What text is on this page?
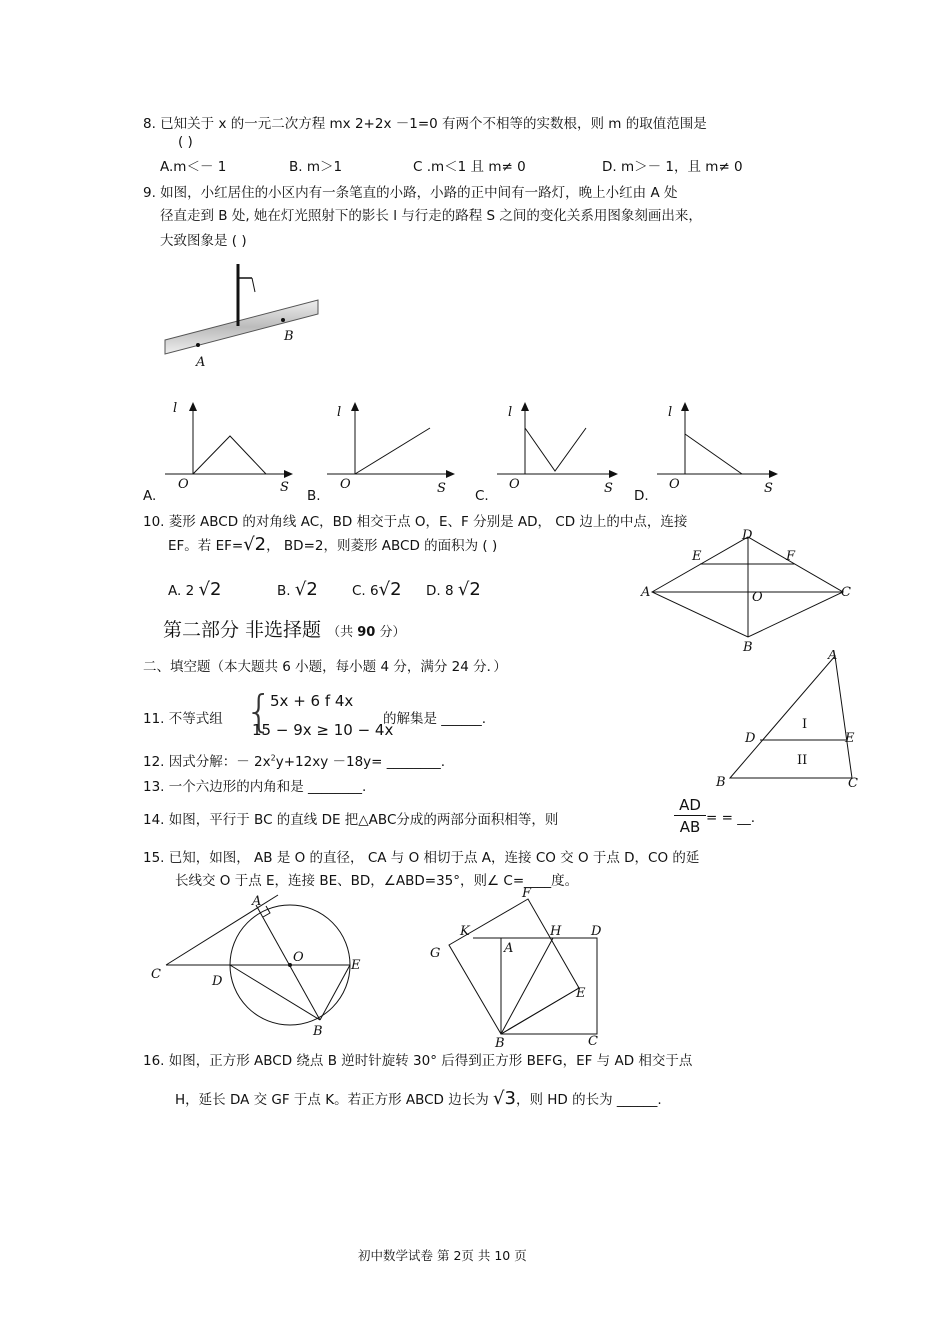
8. 已知关于 x 的一元二次方程 mx 2+2x －1=0 有两个不相等的实数根，则 m 的取值范围是
( )
A.m＜－ 1	B. m＞1	C .m＜1 且 m≠ 0	D. m＞－ 1，且 m≠ 0
9. 如图，小红居住的小区内有一条笔直的小路，小路的正中间有一路灯，晚上小红由 A 处
径直走到 B 处, 她在灯光照射下的影长 l 与行走的路程 S 之间的变化关系用图象刻画出来，
大致图象是 ( )
A
B
l
S
O
A.
l
S
O
B.
l
S
O
C.
l
S
O
D.
10. 菱形 ABCD 的对角线 AC，BD 相交于点 O，E、F 分别是 AD， CD 边上的中点，连接
EF。若 EF=√2， BD=2，则菱形 ABCD 的面积为 ( )
A. 2 √2	B. √2	C. 6√2 D. 8 √2
D
E	F
A	O	C
B
第二部分 非选择题 （共 90 分）
二、填空题（本大题共 6 小题，每小题 4 分，满分 24 分．）
11. 不等式组 {
5x + 6 f 4x
15 − 9x ≥ 10 − 4x
的解集是 ______.
A
I
D	E
II
B	C
12. 因式分解：－ $2x^2y+12xy -18y=$ ________.
13. 一个六边形的内角和是 ________.
14. 如图，平行于 BC 的直线 DE 把△ABC分成的两部分面积相等，则	$\frac{AD}{AB}$ = = __.
15. 已知，如图， AB 是 O 的直径， CA 与 O 相切于点 A，连接 CO 交 O 于点 D，CO 的延
长线交 O 于点 E，连接 BE、BD，∠ABD=35°，则∠ C=____度。
A
C	D
O
E
B
F
K	H D
G	A
E
B	C
16. 如图，正方形 ABCD 绕点 B 逆时针旋转 30° 后得到正方形 BEFG，EF 与 AD 相交于点
H，延长 DA 交 GF 于点 K。若正方形 ABCD 边长为 √3，则 HD 的长为 ______.
初中数学试卷 第 2页 共 10 页
